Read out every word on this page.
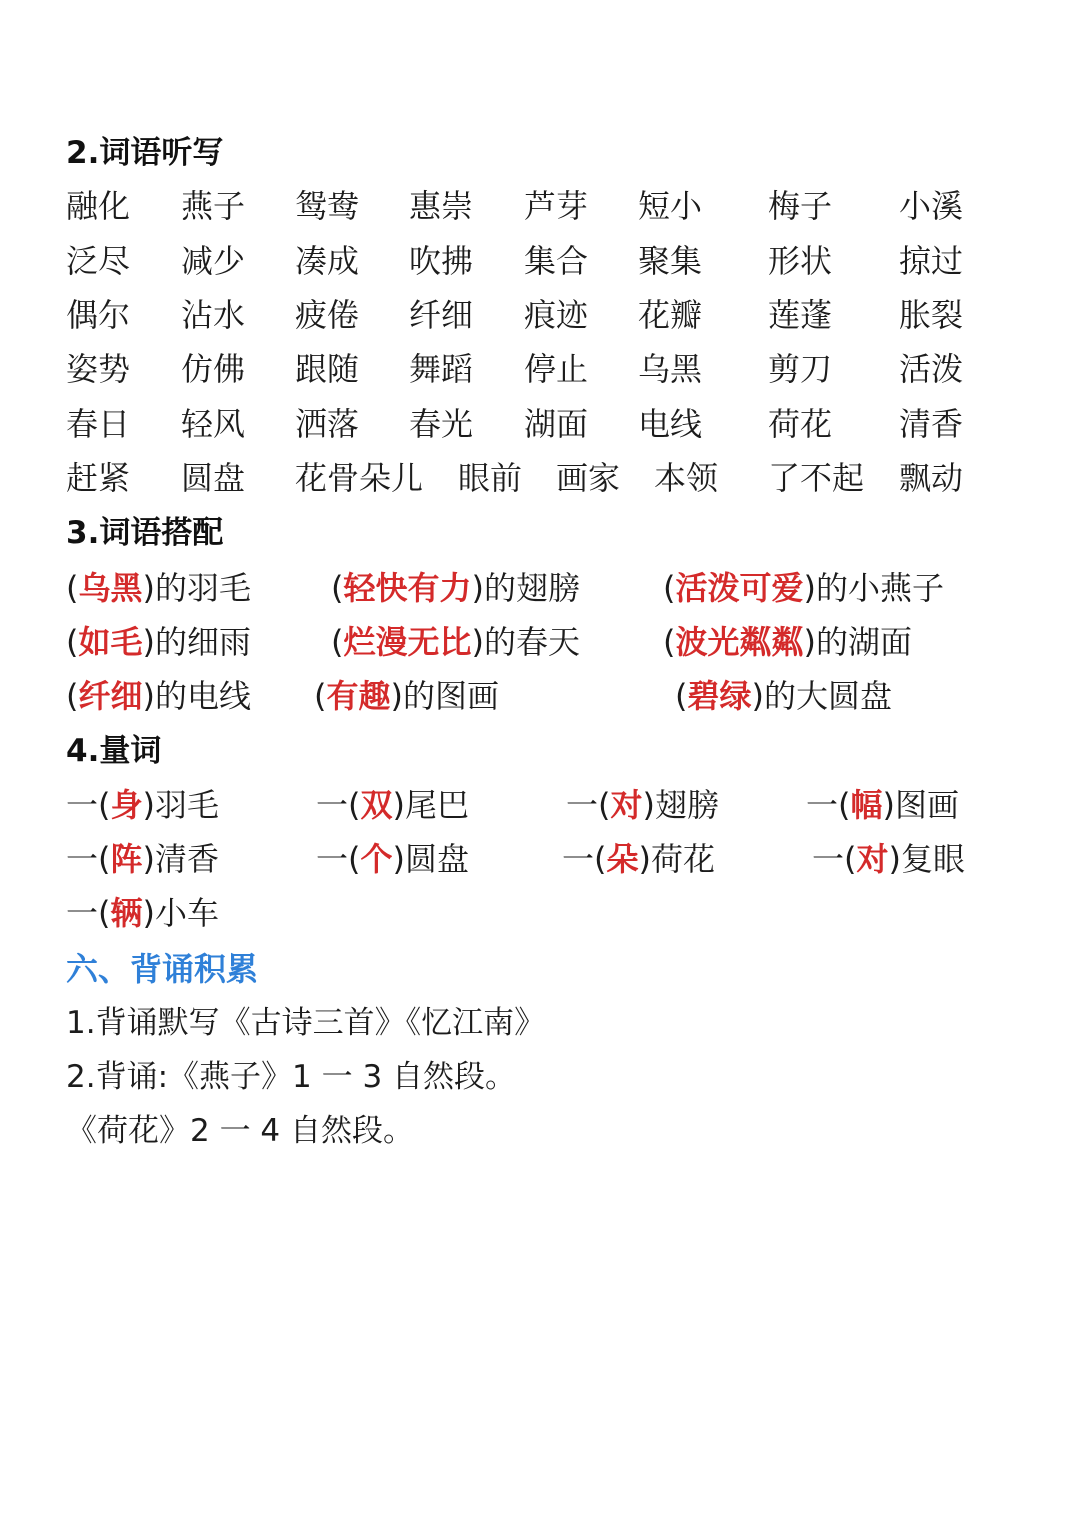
2.词语听写
融化 燕子 鸳鸯 惠崇 芦芽 短小 梅子 小溪
泛尽 减少 凑成 吹拂 集合 聚集 形状 掠过
偶尔 沾水 疲倦 纤细 痕迹 花瓣 莲蓬 胀裂
姿势 仿佛 跟随 舞蹈 停止 乌黑 剪刀 活泼
春日 轻风 洒落 春光 湖面 电线 荷花 清香
赶紧 圆盘 花骨朵儿 眼前 画家 本领 了不起 飘动
3.词语搭配
(乌黑)的羽毛	(轻快有力)的翅膀	(活泼可爱)的小燕子
(如毛)的细雨	(烂漫无比)的春天	(波光粼粼)的湖面
(纤细)的电线 (有趣)的图画	(碧绿)的大圆盘
4.量词
一(身)羽毛	一(双)尾巴	一(对)翅膀	一(幅)图画
一(阵)清香	一(个)圆盘	一(朵)荷花	一(对)复眼
一(辆)小车
六、背诵积累
1.背诵默写《古诗三首》《忆江南》
2.背诵:《燕子》1 一 3 自然段。
《荷花》2 一 4 自然段。
